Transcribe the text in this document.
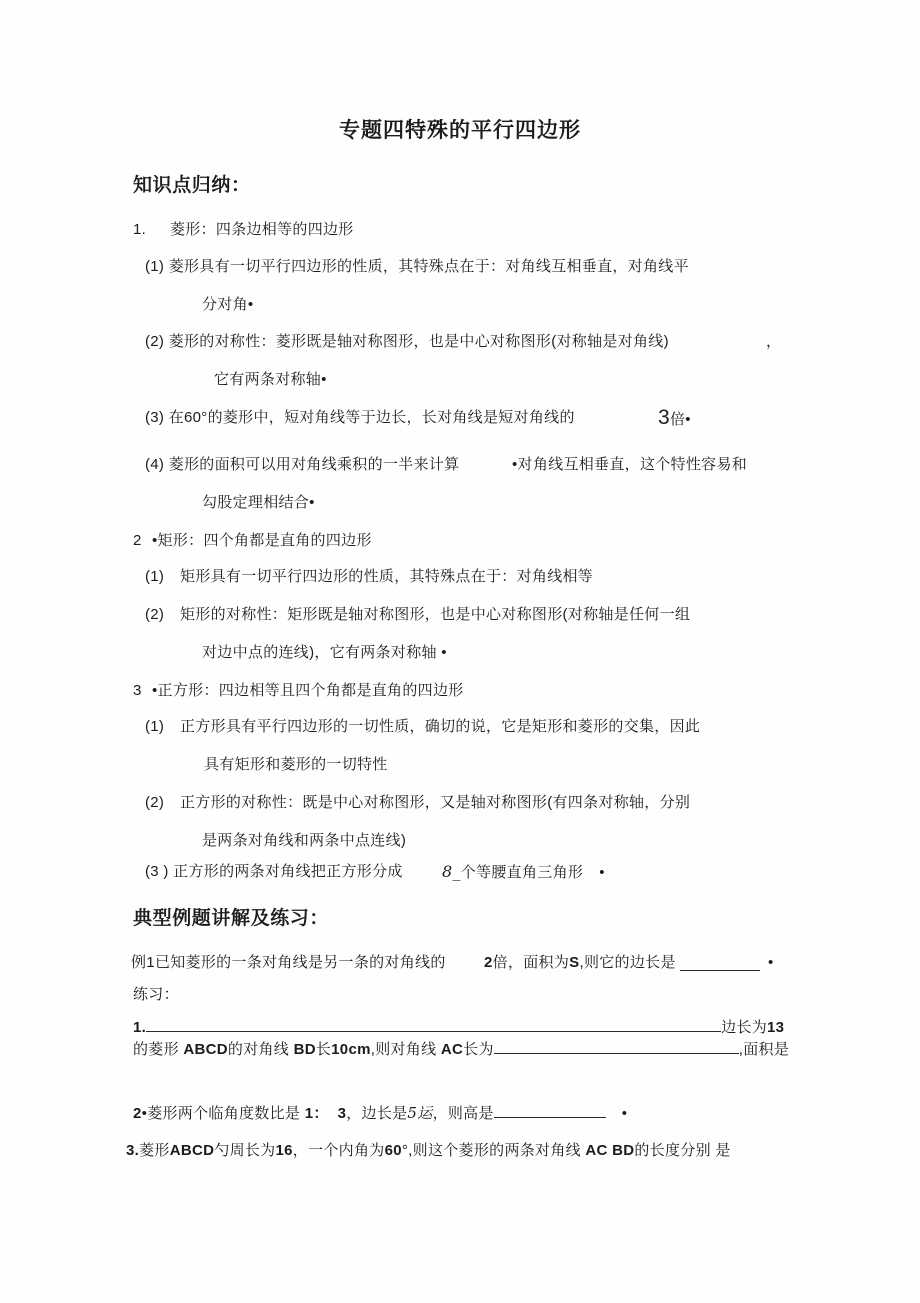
专题四特殊的平行四边形
知识点归纳：
1. 菱形：四条边相等的四边形
(1) 菱形具有一切平行四边形的性质，其特殊点在于：对角线互相垂直，对角线平
分对角•
(2) 菱形的对称性：菱形既是轴对称图形，也是中心对称图形(对称轴是对角线)	，
它有两条对称轴•
(3) 在60°的菱形中，短对角线等于边长，长对角线是短对角线的	3倍•
(4) 菱形的面积可以用对角线乘积的一半来计算	•对角线互相垂直，这个特性容易和
勾股定理相结合•
2 •矩形：四个角都是直角的四边形
(1) 矩形具有一切平行四边形的性质，其特殊点在于：对角线相等
(2) 矩形的对称性：矩形既是轴对称图形，也是中心对称图形(对称轴是任何一组
对边中点的连线)，它有两条对称轴 •
3 •正方形：四边相等且四个角都是直角的四边形
(1) 正方形具有平行四边形的一切性质，确切的说，它是矩形和菱形的交集，因此
具有矩形和菱形的一切特性
(2) 正方形的对称性：既是中心对称图形，又是轴对称图形(有四条对称轴，分别
是两条对角线和两条中点连线)
(3 ) 正方形的两条对角线把正方形分成 8_个等腰直角三角形 •
典型例题讲解及练习：
例1已知菱形的一条对角线是另一条的对角线的	2倍，面积为S,则它的边长是	•
练习：
1.	边长为13
的菱形 ABCD的对角线 BD长10cm,则对角线 AC长为	,面积是
2•菱形两个临角度数比是 1：  3，边长是5运，则高是	•
3.菱形ABCD勺周长为16，一个内角为60°,则这个菱形的两条对角线 AC BD的长度分别 是
